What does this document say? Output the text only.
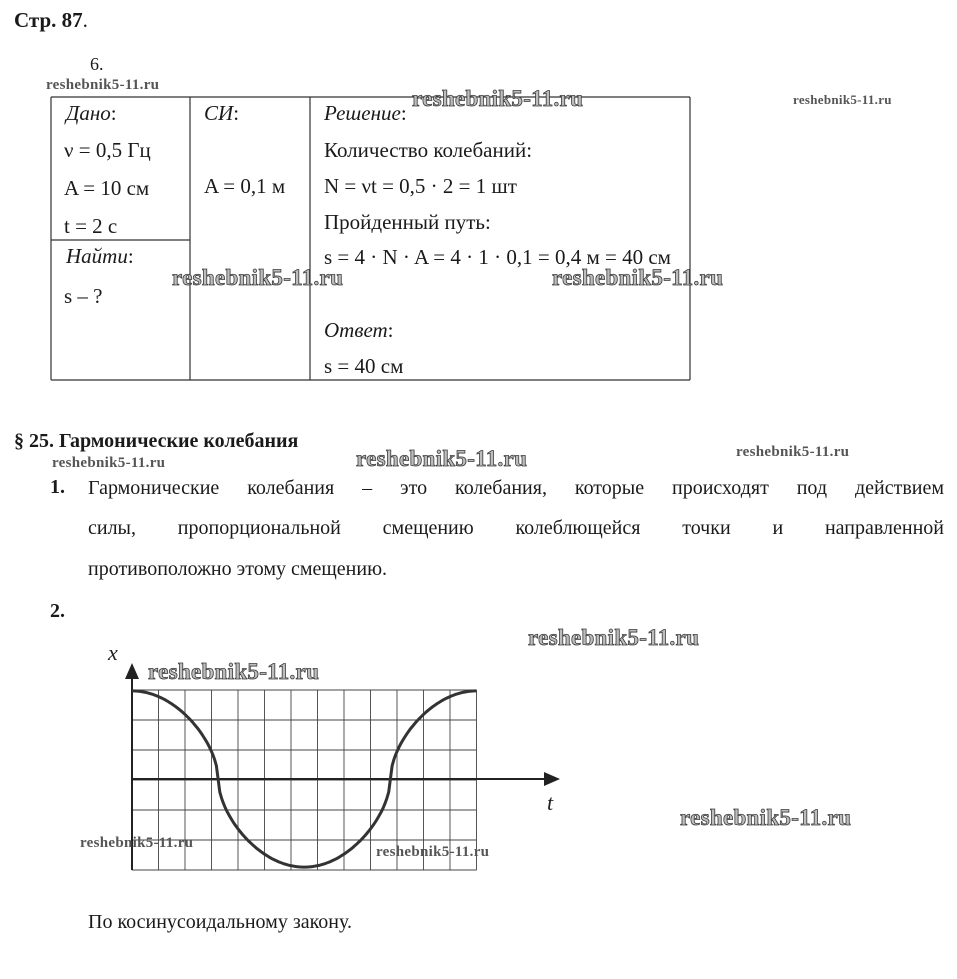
Стр. 87.
6.
Дано:
ν = 0,5 Гц
A = 10 см
t = 2 с
Найти:
s – ?
СИ:
A = 0,1 м
Решение:
Количество колебаний:
N = νt = 0,5 · 2 = 1 шт
Пройденный путь:
s = 4 · N · A = 4 · 1 · 0,1 = 0,4 м = 40 см
Ответ:
s = 40 см
§ 25. Гармонические колебания
1. Гармонические колебания – это колебания, которые происходят под действием
силы, пропорциональной смещению колеблющейся точки и направленной
противоположно этому смещению.
2.
x
t
По косинусоидальному закону.
reshebnik5-11.ru
reshebnik5-11.ru	reshebnik5-11.ru
reshebnik5-11.ru	reshebnik5-11.ru
reshebnik5-11.ru	reshebnik5-11.ru	reshebnik5-11.ru
reshebnik5-11.ru
reshebnik5-11.ru
reshebnik5-11.ru
reshebnik5-11.ru
reshebnik5-11.ru
